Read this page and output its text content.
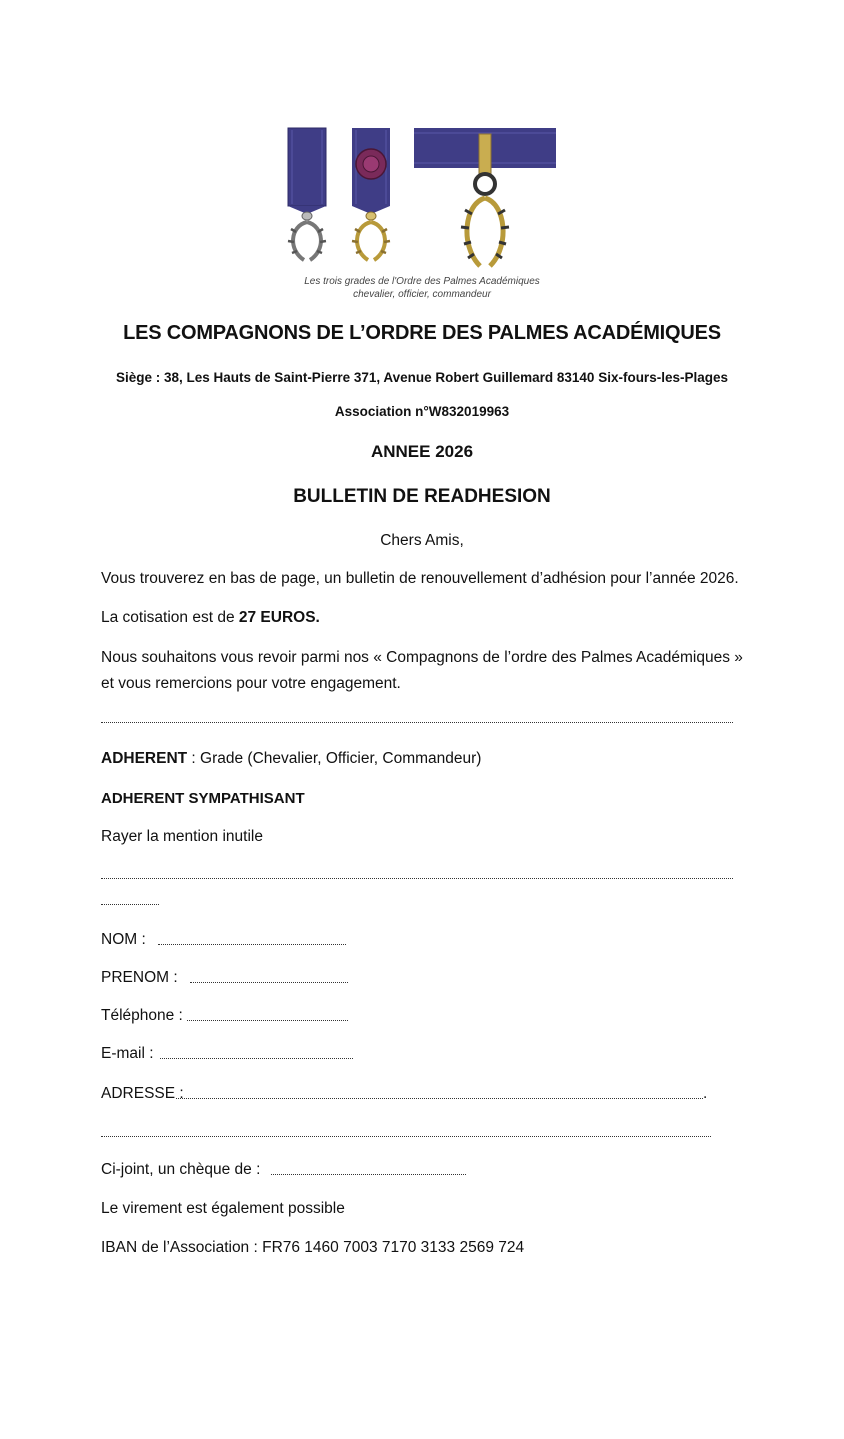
Les trois grades de l'Ordre des Palmes Académiques
chevalier, officier, commandeur
LES COMPAGNONS DE L’ORDRE DES PALMES ACADÉMIQUES
Siège : 38, Les Hauts de Saint-Pierre 371, Avenue Robert Guillemard 83140 Six-fours-les-Plages
Association n°W832019963
ANNEE 2026
BULLETIN DE READHESION
Chers Amis,
Vous trouverez en bas de page, un bulletin de renouvellement d’adhésion pour l’année 2026.
La cotisation est de 27 EUROS.
Nous souhaitons vous revoir parmi nos « Compagnons de l’ordre des Palmes Académiques »
et vous remercions pour votre engagement.
ADHERENT : Grade (Chevalier, Officier, Commandeur)
ADHERENT SYMPATHISANT
Rayer la mention inutile
NOM :
PRENOM :
Téléphone :
E-mail :
ADRESSE :	.
Ci-joint, un chèque de :
Le virement est également possible
IBAN de l’Association : FR76 1460 7003 7170 3133 2569 724
